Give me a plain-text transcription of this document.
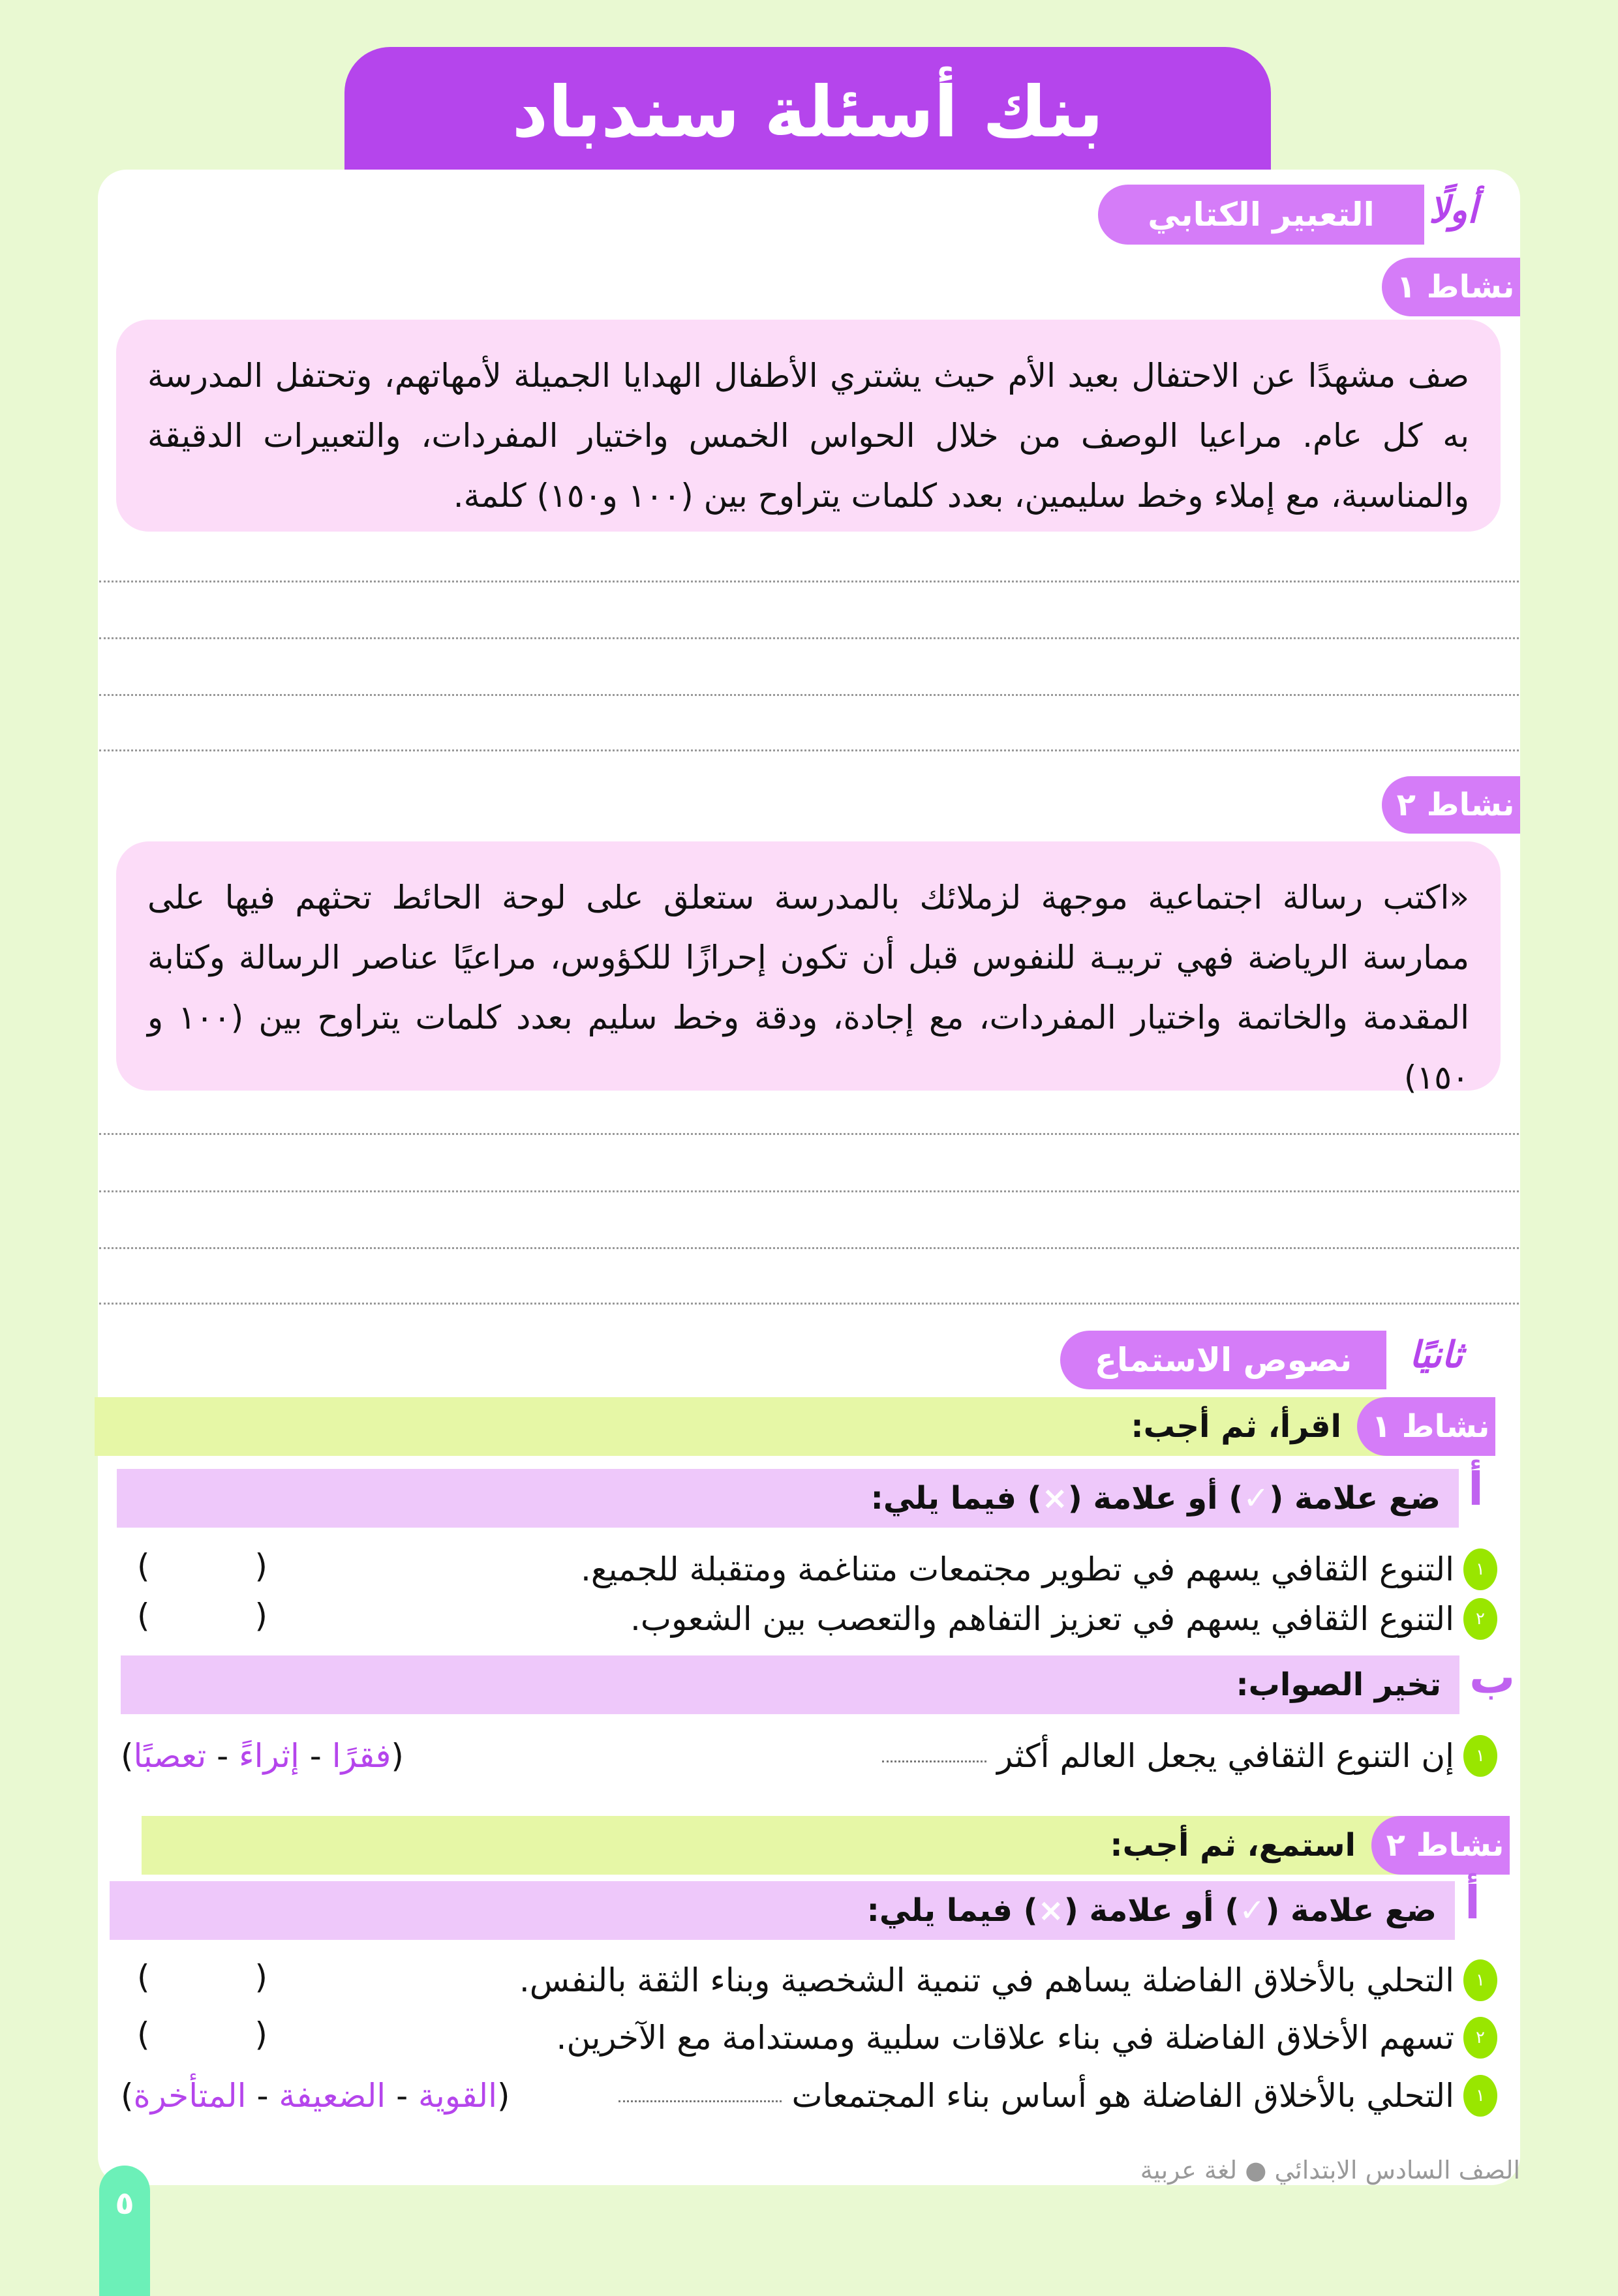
بنك أسئلة سندباد
التعبير الكتابي	أولًا
نشاط ١
صف مشهدًا عن الاحتفال بعيد الأم حيث يشتري الأطفال الهدايا الجميلة لأمهاتهم، وتحتفل المدرسة به كل عام. مراعيا الوصف من خلال الحواس الخمس واختيار المفردات، والتعبيرات الدقيقة والمناسبة، مع إملاء وخط سليمين، بعدد كلمات يتراوح بين (١٠٠ و١٥٠) كلمة.
نشاط ٢
«اكتب رسالة اجتماعية موجهة لزملائك بالمدرسة ستعلق على لوحة الحائط تحثهم فيها على ممارسة الرياضة فهي تربيـة للنفوس قبل أن تكون إحرازًا للكؤوس، مراعيًا عناصر الرسالة وكتابة المقدمة والخاتمة واختيار المفردات، مع إجادة، ودقة وخط سليم بعدد كلمات يتراوح بين (١٠٠ و ١٥٠)
نصوص الاستماع	ثانيًا
نشاط ١
اقرأ، ثم أجب:
أ
ضع علامة (
✓
) أو علامة (
×
) فيما يلي:
١
التنوع الثقافي يسهم في تطوير مجتمعات متناغمة ومتقبلة للجميع.
(
)
٢
التنوع الثقافي يسهم في تعزيز التفاهم والتعصب بين الشعوب.
(
)
ب
تخير الصواب:
١
إن التنوع الثقافي يجعل العالم أكثر
(
فقرًا
-
إثراءً
-
تعصبًا
)
نشاط ٢
استمع، ثم أجب:
أ
ضع علامة (
✓
) أو علامة (
×
) فيما يلي:
١
التحلي بالأخلاق الفاضلة يساهم في تنمية الشخصية وبناء الثقة بالنفس.
(
)
٢
تسهم الأخلاق الفاضلة في بناء علاقات سلبية ومستدامة مع الآخرين.
(
)
١
التحلي بالأخلاق الفاضلة هو أساس بناء المجتمعات
(
القوية
-
الضعيفة
-
المتأخرة
)
الصف السادس الابتدائي ● لغة عربية
٥
